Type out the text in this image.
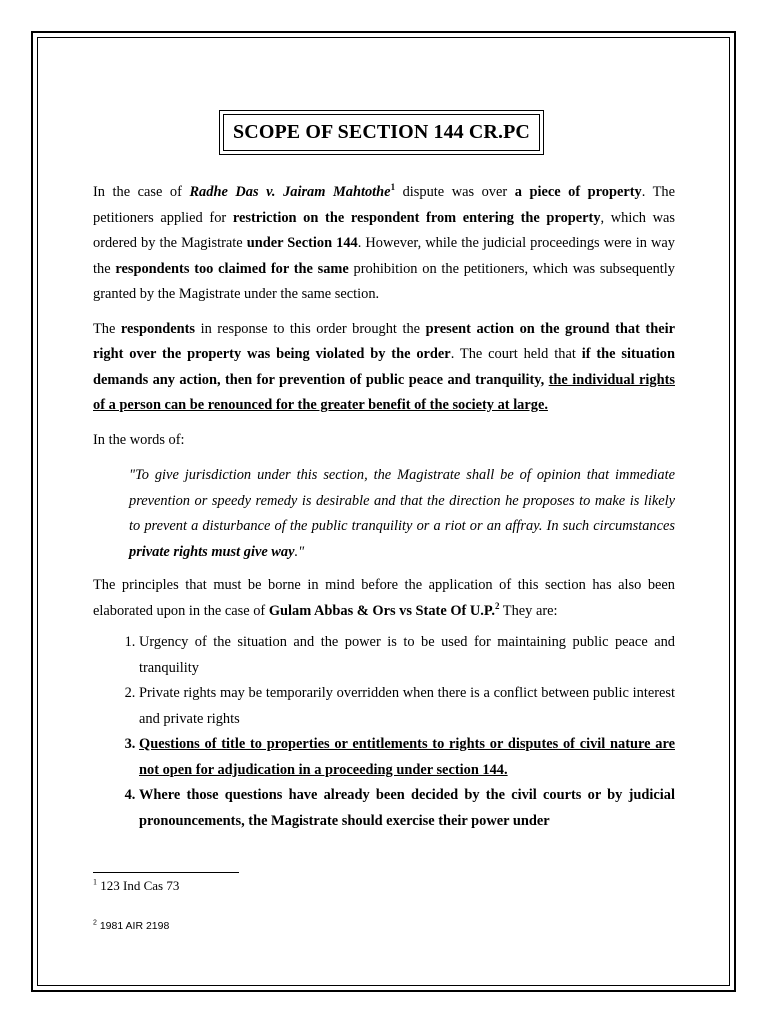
SCOPE OF SECTION 144 CR.PC

In the case of Radhe Das v. Jairam Mahtothe$^1$ dispute was over a piece of property. The petitioners applied for restriction on the respondent from entering the property, which was ordered by the Magistrate under Section 144. However, while the judicial proceedings were in way the respondents too claimed for the same prohibition on the petitioners, which was subsequently granted by the Magistrate under the same section.

The respondents in response to this order brought the present action on the ground that their right over the property was being violated by the order. The court held that if the situation demands any action, then for prevention of public peace and tranquility, the individual rights of a person can be renounced for the greater benefit of the society at large.

In the words of:

"To give jurisdiction under this section, the Magistrate shall be of opinion that immediate prevention or speedy remedy is desirable and that the direction he proposes to make is likely to prevent a disturbance of the public tranquility or a riot or an affray. In such circumstances private rights must give way."

The principles that must be borne in mind before the application of this section has also been elaborated upon in the case of Gulam Abbas & Ors vs State Of U.P.$^2$ They are:

1. Urgency of the situation and the power is to be used for maintaining public peace and tranquility
2. Private rights may be temporarily overridden when there is a conflict between public interest and private rights
3. Questions of title to properties or entitlements to rights or disputes of civil nature are not open for adjudication in a proceeding under section 144.
4. Where those questions have already been decided by the civil courts or by judicial pronouncements, the Magistrate should exercise their power under
$^1$ 123 Ind Cas 73
$^2$ 1981 AIR 2198
